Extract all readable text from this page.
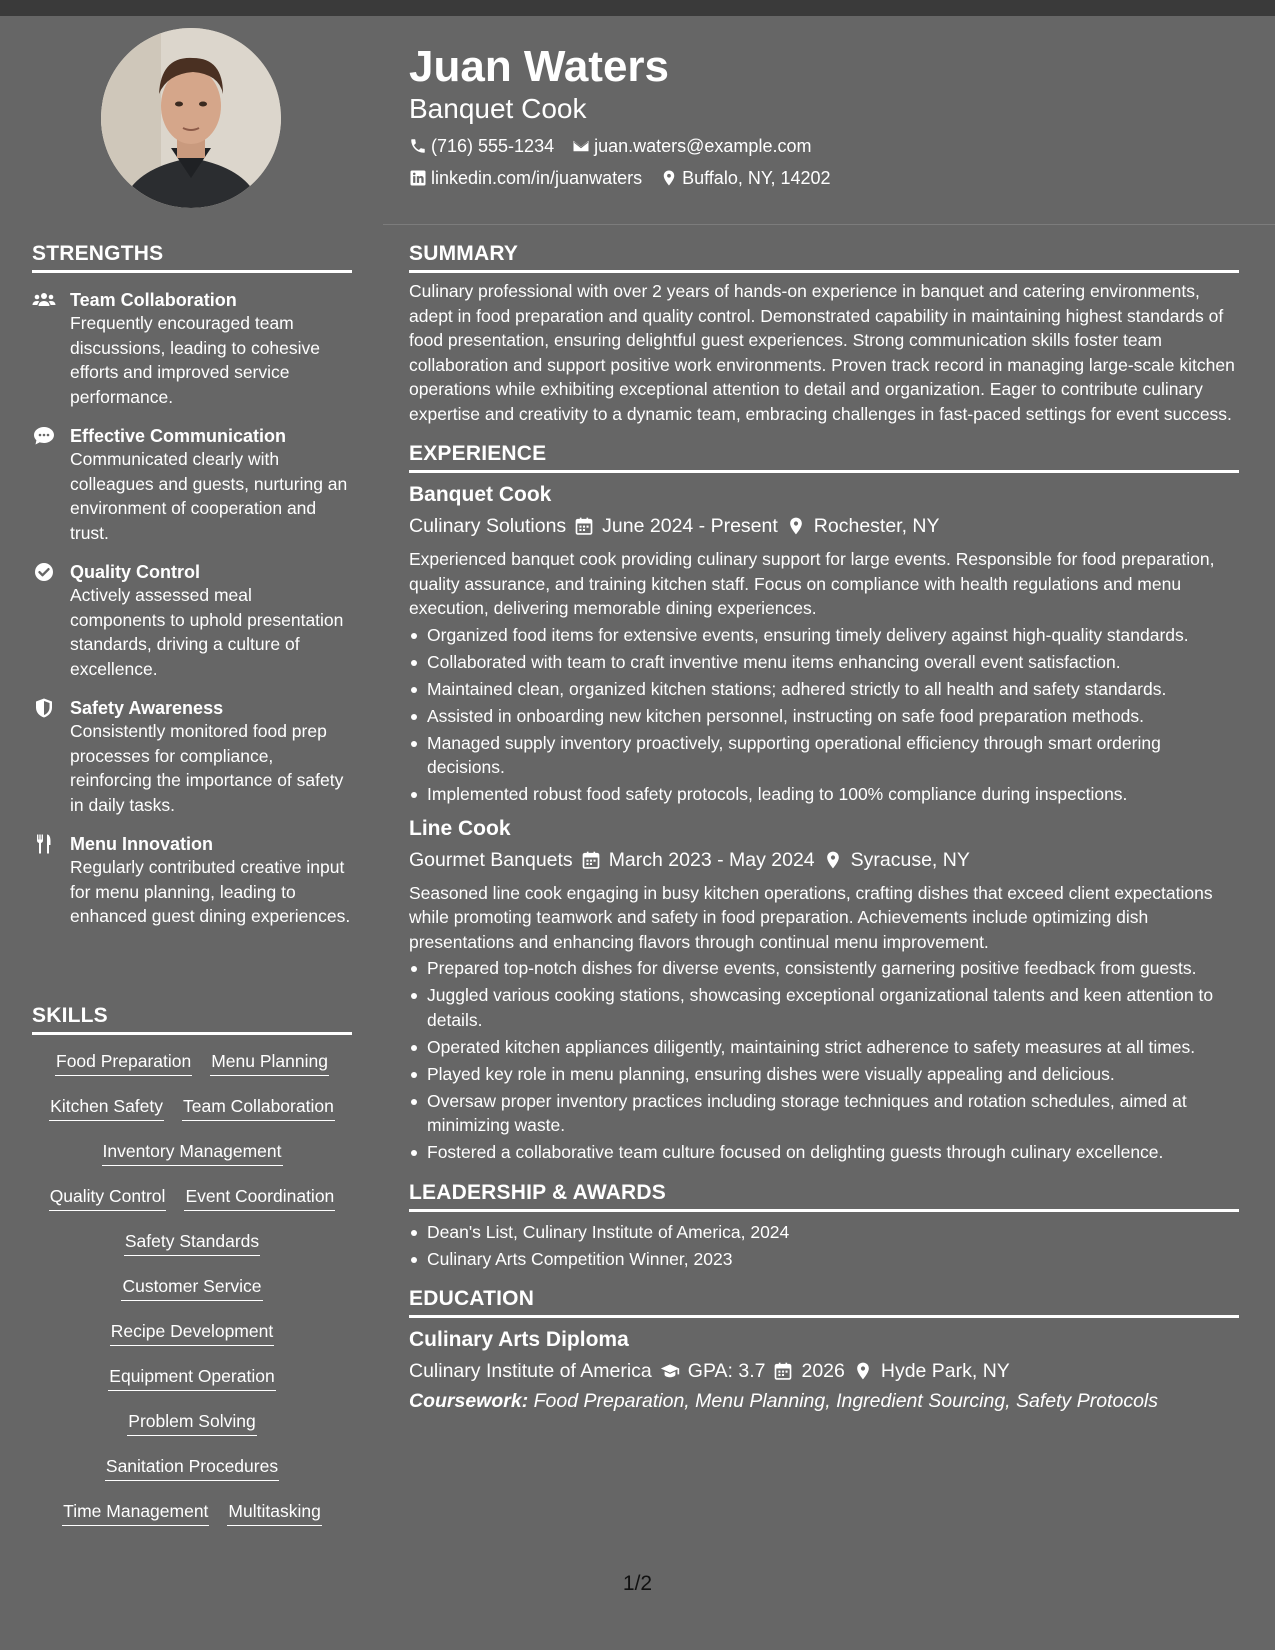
Juan Waters
Banquet Cook
(716) 555-1234 juan.waters@example.com
linkedin.com/in/juanwaters Buffalo, NY, 14202
STRENGTHS
Team Collaboration
Frequently encouraged team discussions, leading to cohesive efforts and improved service performance.
Effective Communication
Communicated clearly with colleagues and guests, nurturing an environment of cooperation and trust.
Quality Control
Actively assessed meal components to uphold presentation standards, driving a culture of excellence.
Safety Awareness
Consistently monitored food prep processes for compliance, reinforcing the importance of safety in daily tasks.
Menu Innovation
Regularly contributed creative input for menu planning, leading to enhanced guest dining experiences.
SKILLS
Food Preparation Menu Planning
Kitchen Safety Team Collaboration
Inventory Management
Quality Control Event Coordination
Safety Standards
Customer Service
Recipe Development
Equipment Operation
Problem Solving
Sanitation Procedures
Time Management Multitasking
SUMMARY
Culinary professional with over 2 years of hands-on experience in banquet and catering environments, adept in food preparation and quality control. Demonstrated capability in maintaining highest standards of food presentation, ensuring delightful guest experiences. Strong communication skills foster team collaboration and support positive work environments. Proven track record in managing large-scale kitchen operations while exhibiting exceptional attention to detail and organization. Eager to contribute culinary expertise and creativity to a dynamic team, embracing challenges in fast-paced settings for event success.
EXPERIENCE
Banquet Cook
Culinary Solutions June 2024 - Present Rochester, NY
Experienced banquet cook providing culinary support for large events. Responsible for food preparation, quality assurance, and training kitchen staff. Focus on compliance with health regulations and menu execution, delivering memorable dining experiences.
Organized food items for extensive events, ensuring timely delivery against high-quality standards.
Collaborated with team to craft inventive menu items enhancing overall event satisfaction.
Maintained clean, organized kitchen stations; adhered strictly to all health and safety standards.
Assisted in onboarding new kitchen personnel, instructing on safe food preparation methods.
Managed supply inventory proactively, supporting operational efficiency through smart ordering decisions.
Implemented robust food safety protocols, leading to 100% compliance during inspections.
Line Cook
Gourmet Banquets March 2023 - May 2024 Syracuse, NY
Seasoned line cook engaging in busy kitchen operations, crafting dishes that exceed client expectations while promoting teamwork and safety in food preparation. Achievements include optimizing dish presentations and enhancing flavors through continual menu improvement.
Prepared top-notch dishes for diverse events, consistently garnering positive feedback from guests.
Juggled various cooking stations, showcasing exceptional organizational talents and keen attention to details.
Operated kitchen appliances diligently, maintaining strict adherence to safety measures at all times.
Played key role in menu planning, ensuring dishes were visually appealing and delicious.
Oversaw proper inventory practices including storage techniques and rotation schedules, aimed at minimizing waste.
Fostered a collaborative team culture focused on delighting guests through culinary excellence.
LEADERSHIP & AWARDS
Dean's List, Culinary Institute of America, 2024
Culinary Arts Competition Winner, 2023
EDUCATION
Culinary Arts Diploma
Culinary Institute of America GPA: 3.7 2026 Hyde Park, NY
Coursework: Food Preparation, Menu Planning, Ingredient Sourcing, Safety Protocols
1/2
